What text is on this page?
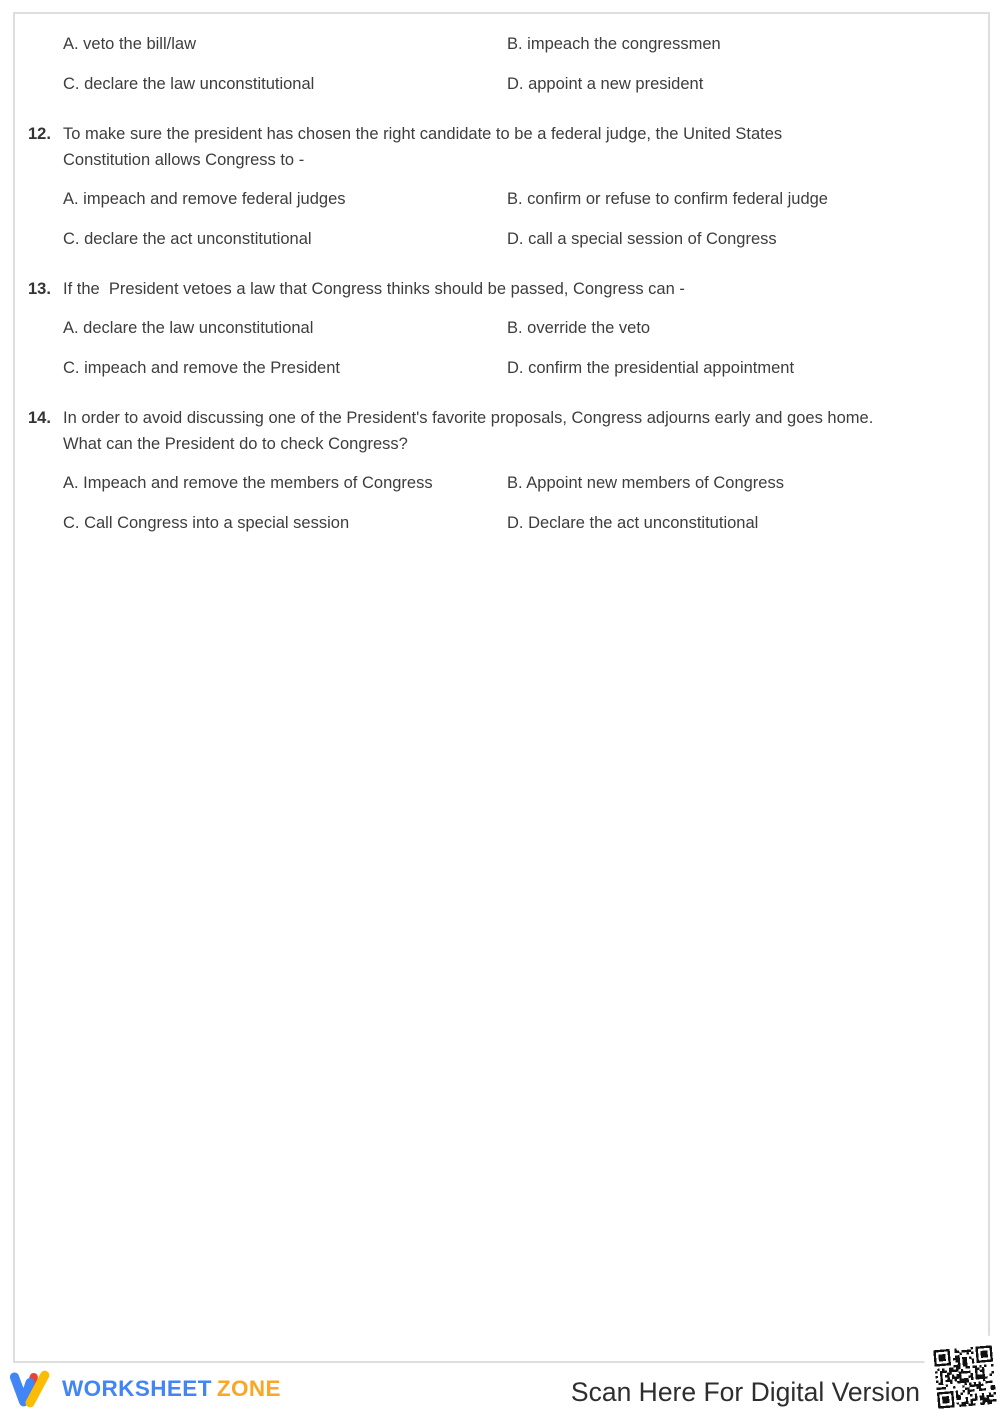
A. veto the bill/law	B. impeach the congressmen
C. declare the law unconstitutional	D. appoint a new president
12. To make sure the president has chosen the right candidate to be a federal judge, the United States
Constitution allows Congress to -
A. impeach and remove federal judges	B. confirm or refuse to confirm federal judge
C. declare the act unconstitutional	D. call a special session of Congress
13. If the  President vetoes a law that Congress thinks should be passed, Congress can -
A. declare the law unconstitutional	B. override the veto
C. impeach and remove the President	D. confirm the presidential appointment
14. In order to avoid discussing one of the President's favorite proposals, Congress adjourns early and goes home.
What can the President do to check Congress?
A. Impeach and remove the members of Congress	B. Appoint new members of Congress
C. Call Congress into a special session	D. Declare the act unconstitutional
WORKSHEET ZONE	Scan Here For Digital Version
